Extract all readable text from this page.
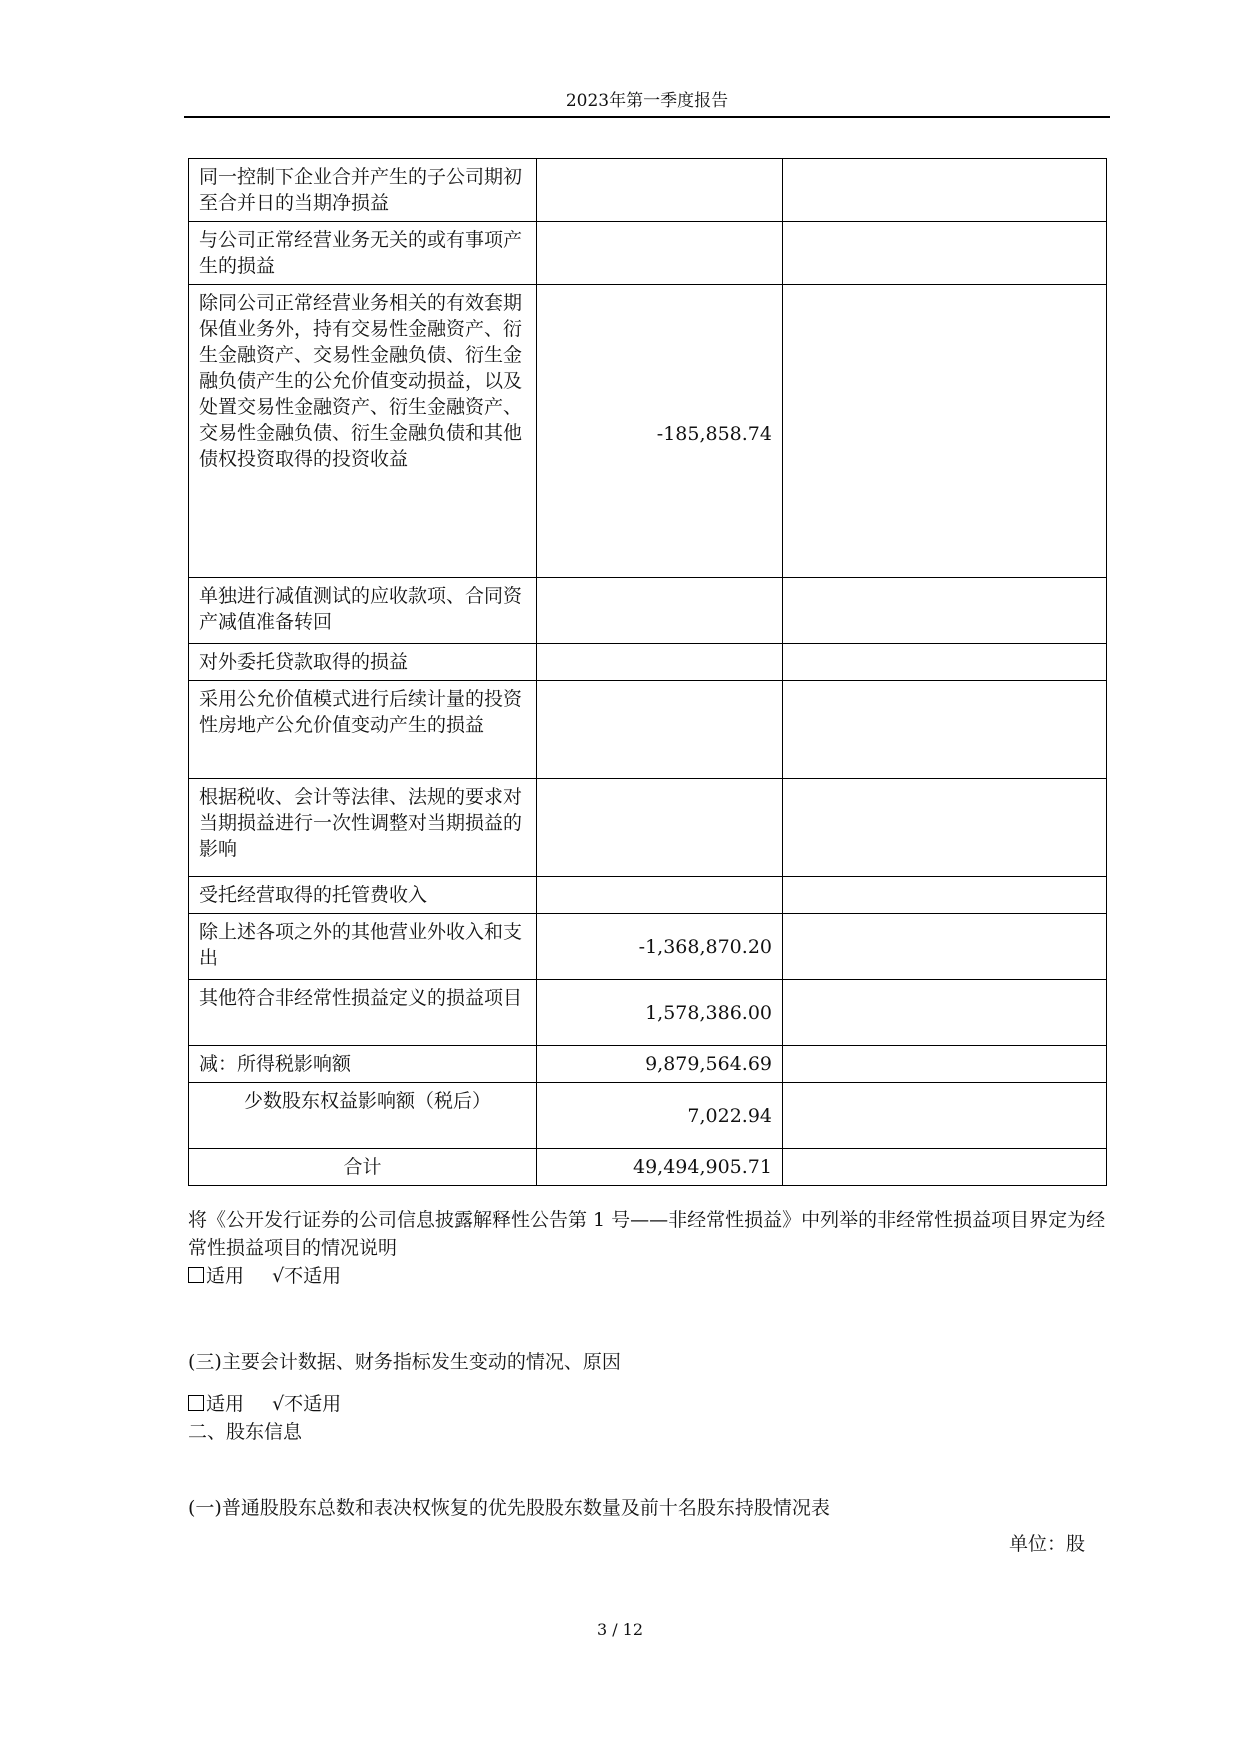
2023年第一季度报告
同一控制下企业合并产生的子公司期初至合并日的当期净损益		
与公司正常经营业务无关的或有事项产生的损益		
除同公司正常经营业务相关的有效套期保值业务外，持有交易性金融资产、衍生金融资产、交易性金融负债、衍生金融负债产生的公允价值变动损益，以及处置交易性金融资产、衍生金融资产、交易性金融负债、衍生金融负债和其他债权投资取得的投资收益	-185,858.74	
单独进行减值测试的应收款项、合同资产减值准备转回		
对外委托贷款取得的损益		
采用公允价值模式进行后续计量的投资性房地产公允价值变动产生的损益		
根据税收、会计等法律、法规的要求对当期损益进行一次性调整对当期损益的影响		
受托经营取得的托管费收入		
除上述各项之外的其他营业外收入和支出	-1,368,870.20	
其他符合非经常性损益定义的损益项目	1,578,386.00	
减：所得税影响额	9,879,564.69	
少数股东权益影响额（税后）	7,022.94	
合计	49,494,905.71	
将《公开发行证券的公司信息披露解释性公告第 1 号——非经常性损益》中列举的非经常性损益项目界定为经常性损益项目的情况说明
适用 √不适用
(三)主要会计数据、财务指标发生变动的情况、原因
适用 √不适用
二、股东信息
(一)普通股股东总数和表决权恢复的优先股股东数量及前十名股东持股情况表
单位：股
3 / 12
